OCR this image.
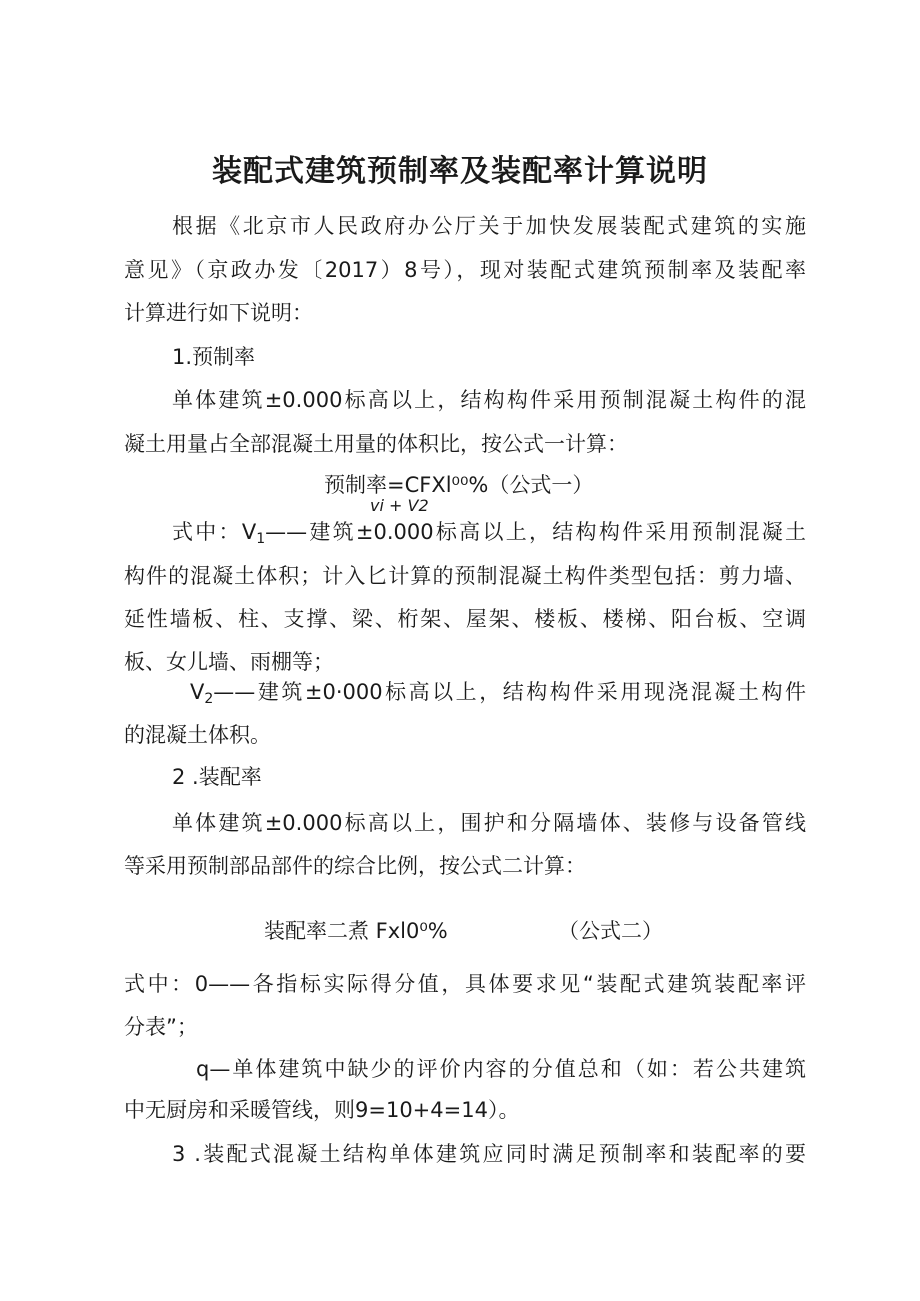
装配式建筑预制率及装配率计算说明
根据《北京市人民政府办公厅关于加快发展装配式建筑的实施
意见》（京政办发〔2017）8号），现对装配式建筑预制率及装配率
计算进行如下说明：
1.预制率
单体建筑±0.000标高以上，结构构件采用预制混凝土构件的混
凝土用量占全部混凝土用量的体积比，按公式一计算：
预制率=CFXl⁰⁰%（公式一）
vi + V2
式中：$V_1——$建筑±0.000标高以上，结构构件采用预制混凝土
构件的混凝土体积；计入匕计算的预制混凝土构件类型包括：剪力墙、
延性墙板、柱、支撑、梁、桁架、屋架、楼板、楼梯、阳台板、空调
板、女儿墙、雨棚等；
$V_2——$建筑±0·000标高以上，结构构件采用现浇混凝土构件
的混凝土体积。
2 .装配率
单体建筑±0.000标高以上，围护和分隔墙体、装修与设备管线
等采用预制部品部件的综合比例，按公式二计算：
装配率二煮 Fxl0⁰%	（公式二）
式中：0——各指标实际得分值，具体要求见“装配式建筑装配率评
分表”；
q—单体建筑中缺少的评价内容的分值总和（如：若公共建筑
中无厨房和采暖管线，则9=10+4=14）。
3 .装配式混凝土结构单体建筑应同时满足预制率和装配率的要
